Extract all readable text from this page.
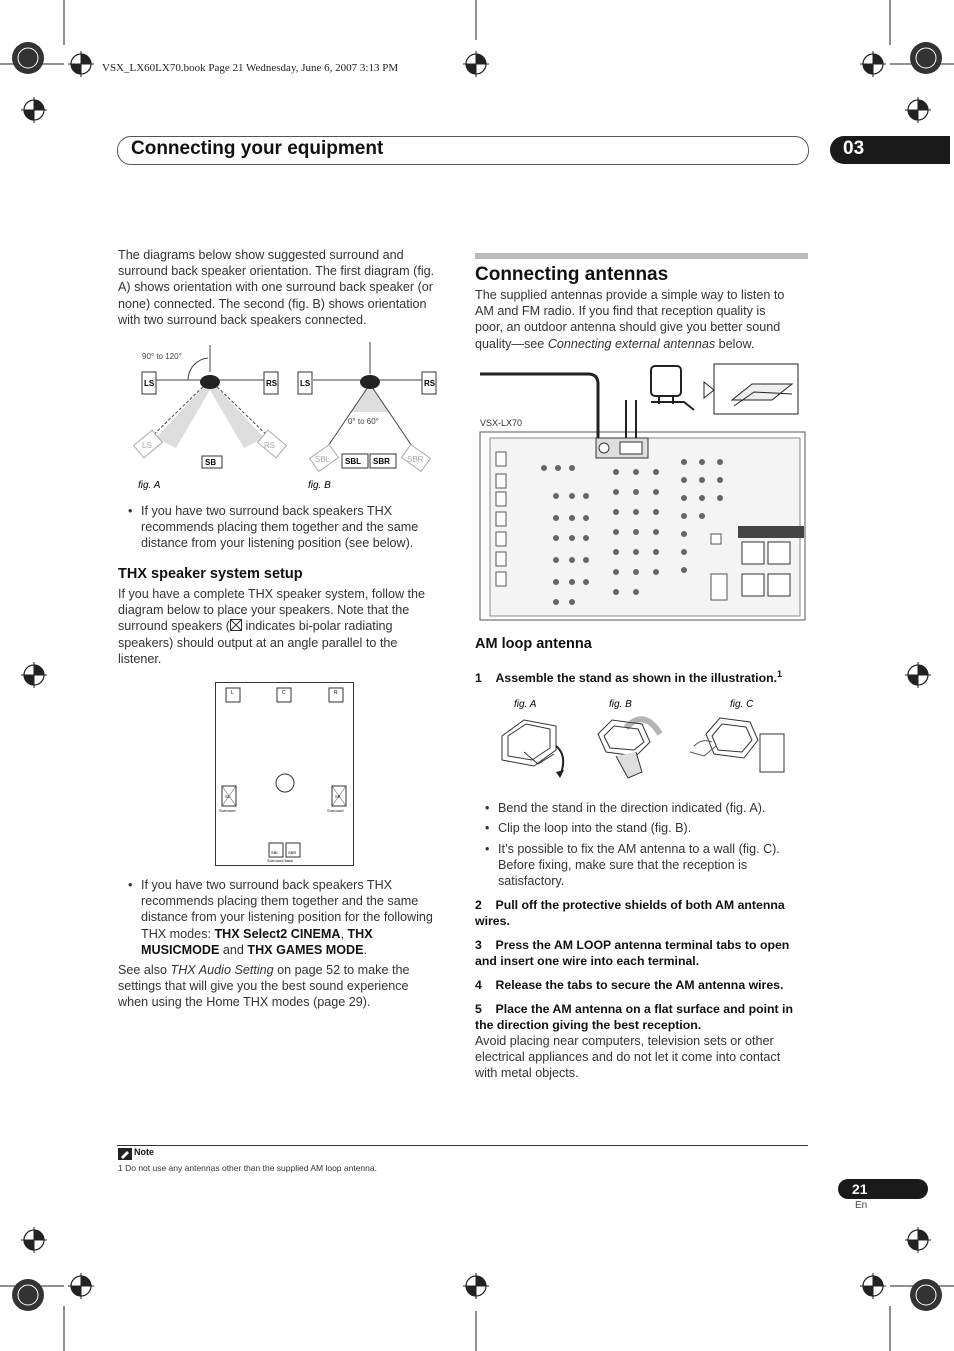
VSX_LX60LX70.book Page 21 Wednesday, June 6, 2007 3:13 PM
Connecting your equipment	03
The diagrams below show suggested surround and
surround back speaker orientation. The first diagram (fig.
A) shows orientation with one surround back speaker (or
none) connected. The second (fig. B) shows orientation
with two surround back speakers connected.
90° to 120°
LS	RS
LS	RS
SB
fig. A
0° to 60°
LS	RS
SBL	SBR
SBL SBR
fig. B
• If you have two surround back speakers THX
recommends placing them together and the same
distance from your listening position (see below).
THX speaker system setup
If you have a complete THX speaker system, follow the
diagram below to place your speakers. Note that the
surround speakers (
indicates bi-polar radiating
speakers) should output at an angle parallel to the
listener.
L	C	R
SL
Surround
SR
Surround
SBL SBR
Surround back
• If you have two surround back speakers THX
recommends placing them together and the same
distance from your listening position for the following
THX modes: THX Select2 CINEMA, THX
MUSICMODE and THX GAMES MODE.
See also THX Audio Setting on page 52 to make the
settings that will give you the best sound experience
when using the Home THX modes (page 29).
Connecting antennas
The supplied antennas provide a simple way to listen to
AM and FM radio. If you find that reception quality is
poor, an outdoor antenna should give you better sound
quality—see Connecting external antennas below.
VSX-LX70
AM loop antenna
1 Assemble the stand as shown in the illustration.$^1$
fig. A	fig. B	fig. C
• Bend the stand in the direction indicated (fig. A).
• Clip the loop into the stand (fig. B).
• It’s possible to fix the AM antenna to a wall (fig. C).
Before fixing, make sure that the reception is
satisfactory.
2    Pull off the protective shields of both AM antenna
wires.
3    Press the AM LOOP antenna terminal tabs to open
and insert one wire into each terminal.
4    Release the tabs to secure the AM antenna wires.
5    Place the AM antenna on a flat surface and point in
the direction giving the best reception.
Avoid placing near computers, television sets or other
electrical appliances and do not let it come into contact
with metal objects.
Note
1 Do not use any antennas other than the supplied AM loop antenna.
21
En
